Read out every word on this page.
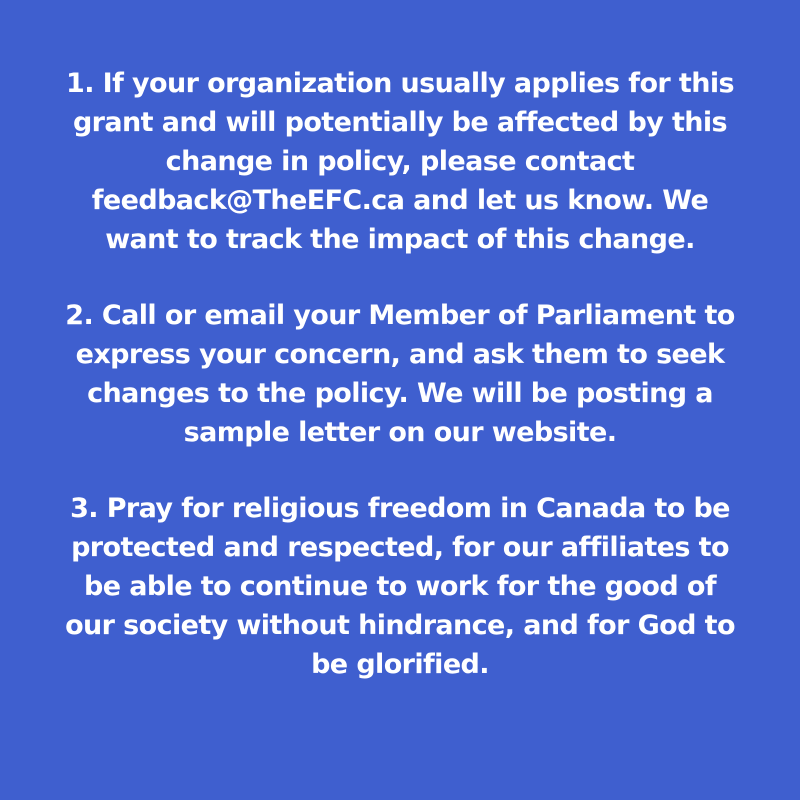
1. If your organization usually applies for this
grant and will potentially be affected by this
change in policy, please contact
feedback@TheEFC.ca and let us know. We
want to track the impact of this change.
2. Call or email your Member of Parliament to
express your concern, and ask them to seek
changes to the policy. We will be posting a
sample letter on our website.
3. Pray for religious freedom in Canada to be
protected and respected, for our affiliates to
be able to continue to work for the good of
our society without hindrance, and for God to
be glorified.
